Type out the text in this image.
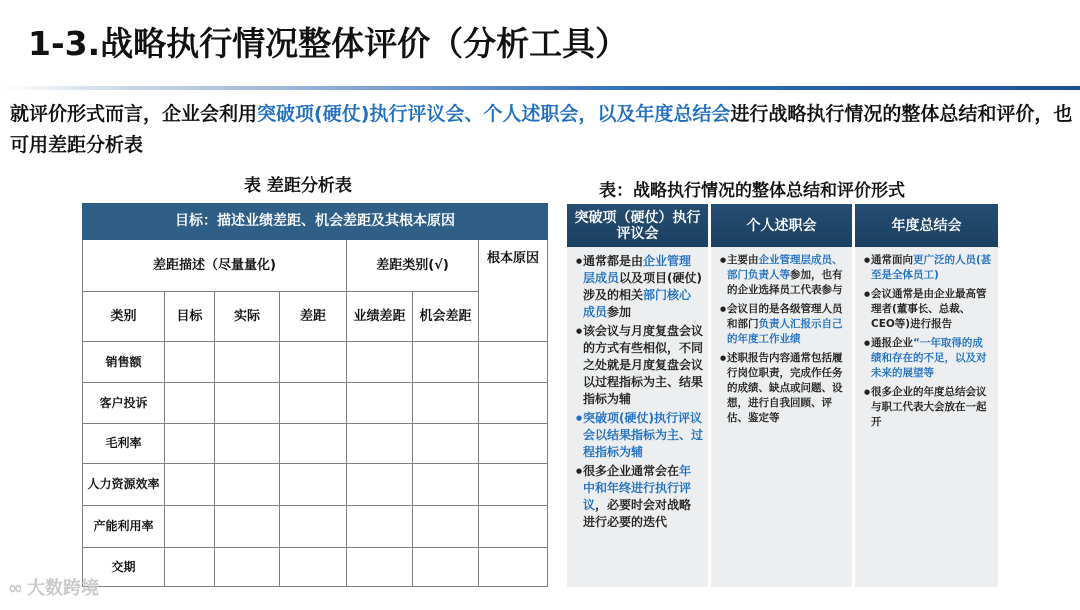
1-3.战略执行情况整体评价（分析工具）
就评价形式而言，企业会利用突破项(硬仗)执行评议会、个人述职会，以及年度总结会进行战略执行情况的整体总结和评价，也可用差距分析表
表 差距分析表	表：战略执行情况的整体总结和评价形式
目标：描述业绩差距、机会差距及其根本原因						
差距描述（尽量量化)				差距类别(√)		根本原因
类别	目标	实际	差距	业绩差距	机会差距	
销售额						
客户投诉						
毛利率						
人力资源效率						
产能利用率						
交期						
突破项（硬仗）执行评议会

● 通常都是由企业管理层成员以及项目(硬仗)涉及的相关部门核心成员参加

● 该会议与月度复盘会议的方式有些相似，不同之处就是月度复盘会议以过程指标为主、结果指标为辅

● 突破项(硬仗)执行评议会以结果指标为主、过程指标为辅

● 很多企业通常会在年中和年终进行执行评议，必要时会对战略进行必要的迭代

个人述职会

● 主要由企业管理层成员、部门负责人等参加，也有的企业选择员工代表参与

● 会议目的是各级管理人员和部门负责人汇报示自己的年度工作业绩

● 述职报告内容通常包括履行岗位职责，完成作任务的成绩、缺点或问题、设想，进行自我回顾、评估、鉴定等

年度总结会

● 通常面向更广泛的人员(甚至是全体员工)

● 会议通常是由企业最高管理者(董事长、总裁、CEO等)进行报告

● 通报企业“一年取得的成绩和存在的不足，以及对未来的展望等

● 很多企业的年度总结会议与职工代表大会放在一起开

∞ 大数跨境
